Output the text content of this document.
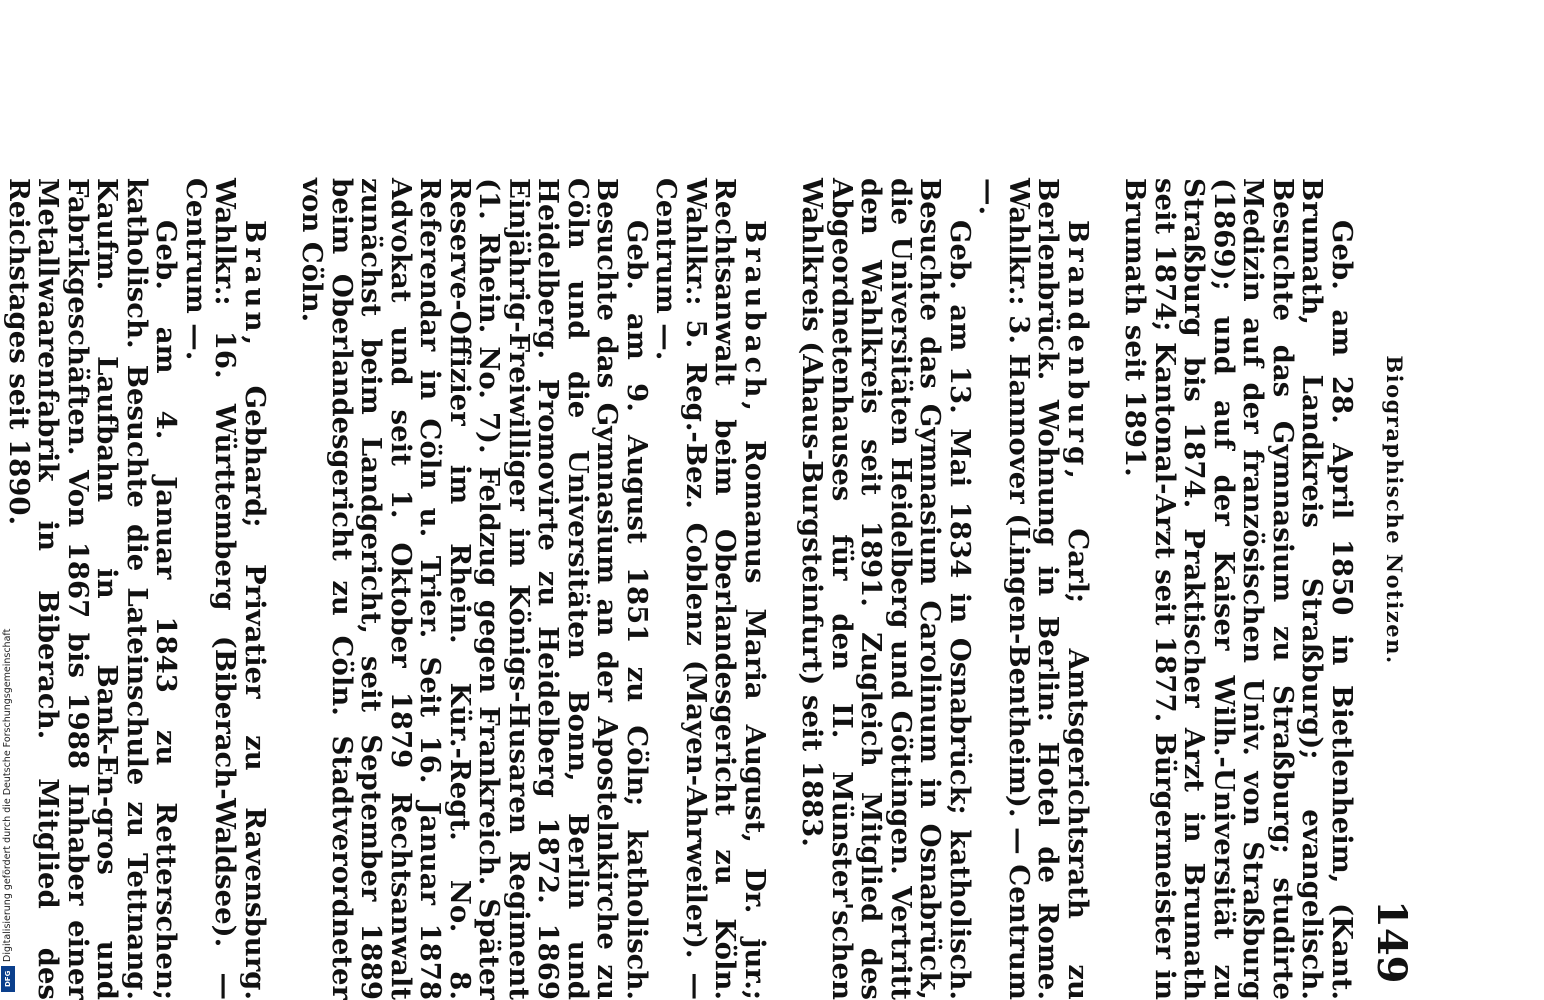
Biographische Notizen.
149

Geb. am 28. April 1850 in Bietlenheim, (Kant. Brumath, Landkreis Straßburg); evangelisch. Besuchte das Gymnasium zu Straßburg; studirte Medizin auf der französischen Univ. von Straßburg (1869); und auf der Kaiser Wilh.-Universität zu Straßburg bis 1874. Praktischer Arzt in Brumath seit 1874; Kantonal-Arzt seit 1877. Bürgermeister in Brumath seit 1891.

Brandenburg, Carl; Amtsgerichtsrath zu Berlenbrück. Wohnung in Berlin: Hotel de Rome. Wahlkr.: 3. Hannover (Lingen-Bentheim). — Centrum —.

Geb. am 13. Mai 1834 in Osnabrück; katholisch. Besuchte das Gymnasium Carolinum in Osnabrück, die Universitäten Heidelberg und Göttingen. Vertritt den Wahlkreis seit 1891. Zugleich Mitglied des Abgeordnetenhauses für den II. Münster'schen Wahlkreis (Ahaus-Burgsteinfurt) seit 1883.

Braubach, Romanus Maria August, Dr. jur.; Rechtsanwalt beim Oberlandesgericht zu Köln. Wahlkr.: 5. Reg.-Bez. Coblenz (Mayen-Ahrweiler). — Centrum —.

Geb. am 9. August 1851 zu Cöln; katholisch. Besuchte das Gymnasium an der Apostelnkirche zu Cöln und die Universitäten Bonn, Berlin und Heidelberg. Promovirte zu Heidelberg 1872. 1869 Einjährig-Freiwilliger im Königs-Husaren Regiment (1. Rhein. No. 7). Feldzug gegen Frankreich. Später Reserve-Offizier im Rhein. Kür.-Regt. No. 8. Referendar in Cöln u. Trier. Seit 16. Januar 1878 Advokat und seit 1. Oktober 1879 Rechtsanwalt zunächst beim Landgericht, seit September 1889 beim Oberlandesgericht zu Cöln. Stadtverordneter von Cöln.

Braun, Gebhard; Privatier zu Ravensburg. Wahlkr.: 16. Württemberg (Biberach-Waldsee). — Centrum —.

Geb. am 4. Januar 1843 zu Retterschen; katholisch. Besuchte die Lateinschule zu Tettnang. Kaufm. Laufbahn in Bank-En-gros und Fabrikgeschäften. Von 1867 bis 1988 Inhaber einer Metallwaarenfabrik in Biberach. Mitglied des Reichstages seit 1890.

Digitalisierung gefördert durch die Deutsche Forschungsgemeinschaft
DFG
